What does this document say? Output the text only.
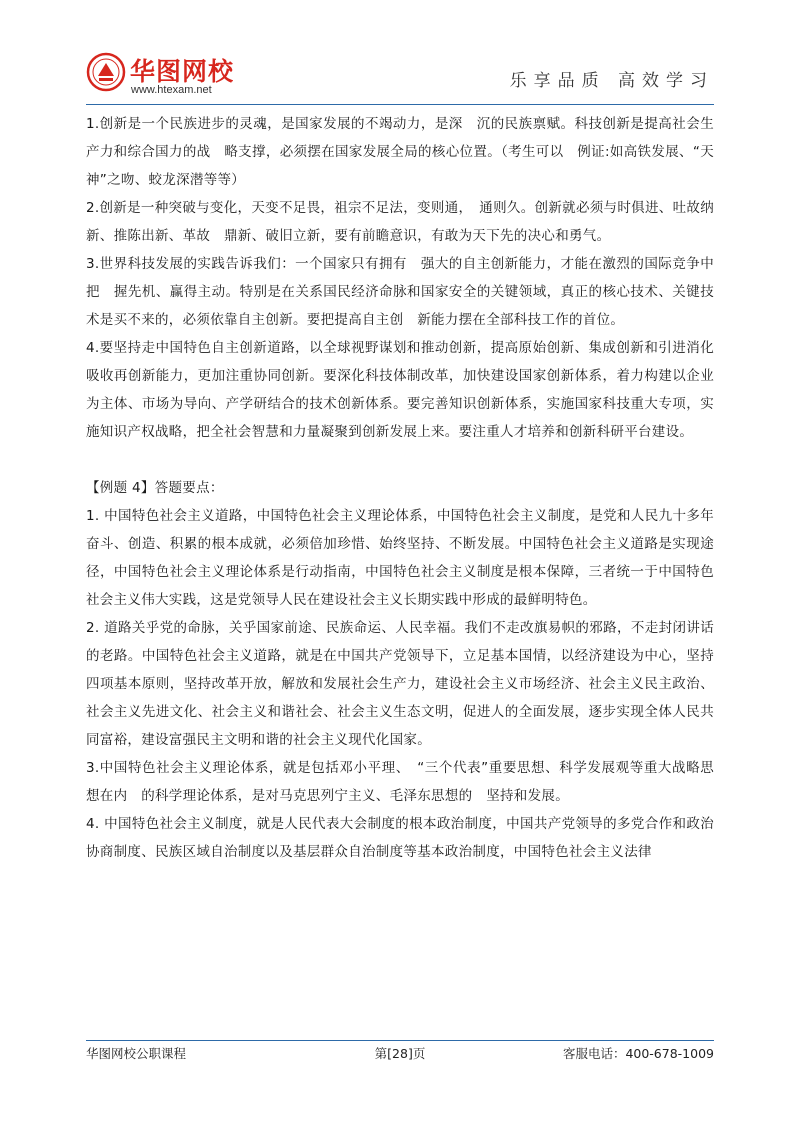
华图网校
www.htexam.net	乐享品质 高效学习

1.创新是一个民族进步的灵魂，是国家发展的不竭动力，是深　沉的民族禀赋。科技创新是提高社会生产力和综合国力的战　略支撑，必须摆在国家发展全局的核心位置。（考生可以　例证:如高铁发展、“天神”之吻、蛟龙深潜等等）

2.创新是一种突破与变化，天变不足畏，祖宗不足法，变则通，　通则久。创新就必须与时俱进、吐故纳新、推陈出新、革故　鼎新、破旧立新，要有前瞻意识，有敢为天下先的决心和勇气。

3.世界科技发展的实践告诉我们：一个国家只有拥有　强大的自主创新能力，才能在激烈的国际竞争中把　握先机、赢得主动。特别是在关系国民经济命脉和国家安全的关键领域，真正的核心技术、关键技术是买不来的，必须依靠自主创新。要把提高自主创　新能力摆在全部科技工作的首位。

4.要坚持走中国特色自主创新道路，以全球视野谋划和推动创新，提高原始创新、集成创新和引进消化吸收再创新能力，更加注重协同创新。要深化科技体制改革，加快建设国家创新体系，着力构建以企业为主体、市场为导向、产学研结合的技术创新体系。要完善知识创新体系，实施国家科技重大专项，实施知识产权战略，把全社会智慧和力量凝聚到创新发展上来。要注重人才培养和创新科研平台建设。

【例题 4】答题要点：

1. 中国特色社会主义道路，中国特色社会主义理论体系，中国特色社会主义制度，是党和人民九十多年奋斗、创造、积累的根本成就，必须倍加珍惜、始终坚持、不断发展。中国特色社会主义道路是实现途径，中国特色社会主义理论体系是行动指南，中国特色社会主义制度是根本保障，三者统一于中国特色社会主义伟大实践，这是党领导人民在建设社会主义长期实践中形成的最鲜明特色。

2. 道路关乎党的命脉，关乎国家前途、民族命运、人民幸福。我们不走改旗易帜的邪路，不走封闭讲话的老路。中国特色社会主义道路，就是在中国共产党领导下，立足基本国情，以经济建设为中心，坚持四项基本原则，坚持改革开放，解放和发展社会生产力，建设社会主义市场经济、社会主义民主政治、社会主义先进文化、社会主义和谐社会、社会主义生态文明，促进人的全面发展，逐步实现全体人民共同富裕，建设富强民主文明和谐的社会主义现代化国家。

3.中国特色社会主义理论体系，就是包括邓小平理、　“三个代表”重要思想、科学发展观等重大战略思想在内　的科学理论体系，是对马克思列宁主义、毛泽东思想的　坚持和发展。

4. 中国特色社会主义制度，就是人民代表大会制度的根本政治制度，中国共产党领导的多党合作和政治协商制度、民族区域自治制度以及基层群众自治制度等基本政治制度，中国特色社会主义法律

华图网校公职课程	第[28]页	客服电话：400-678-1009
